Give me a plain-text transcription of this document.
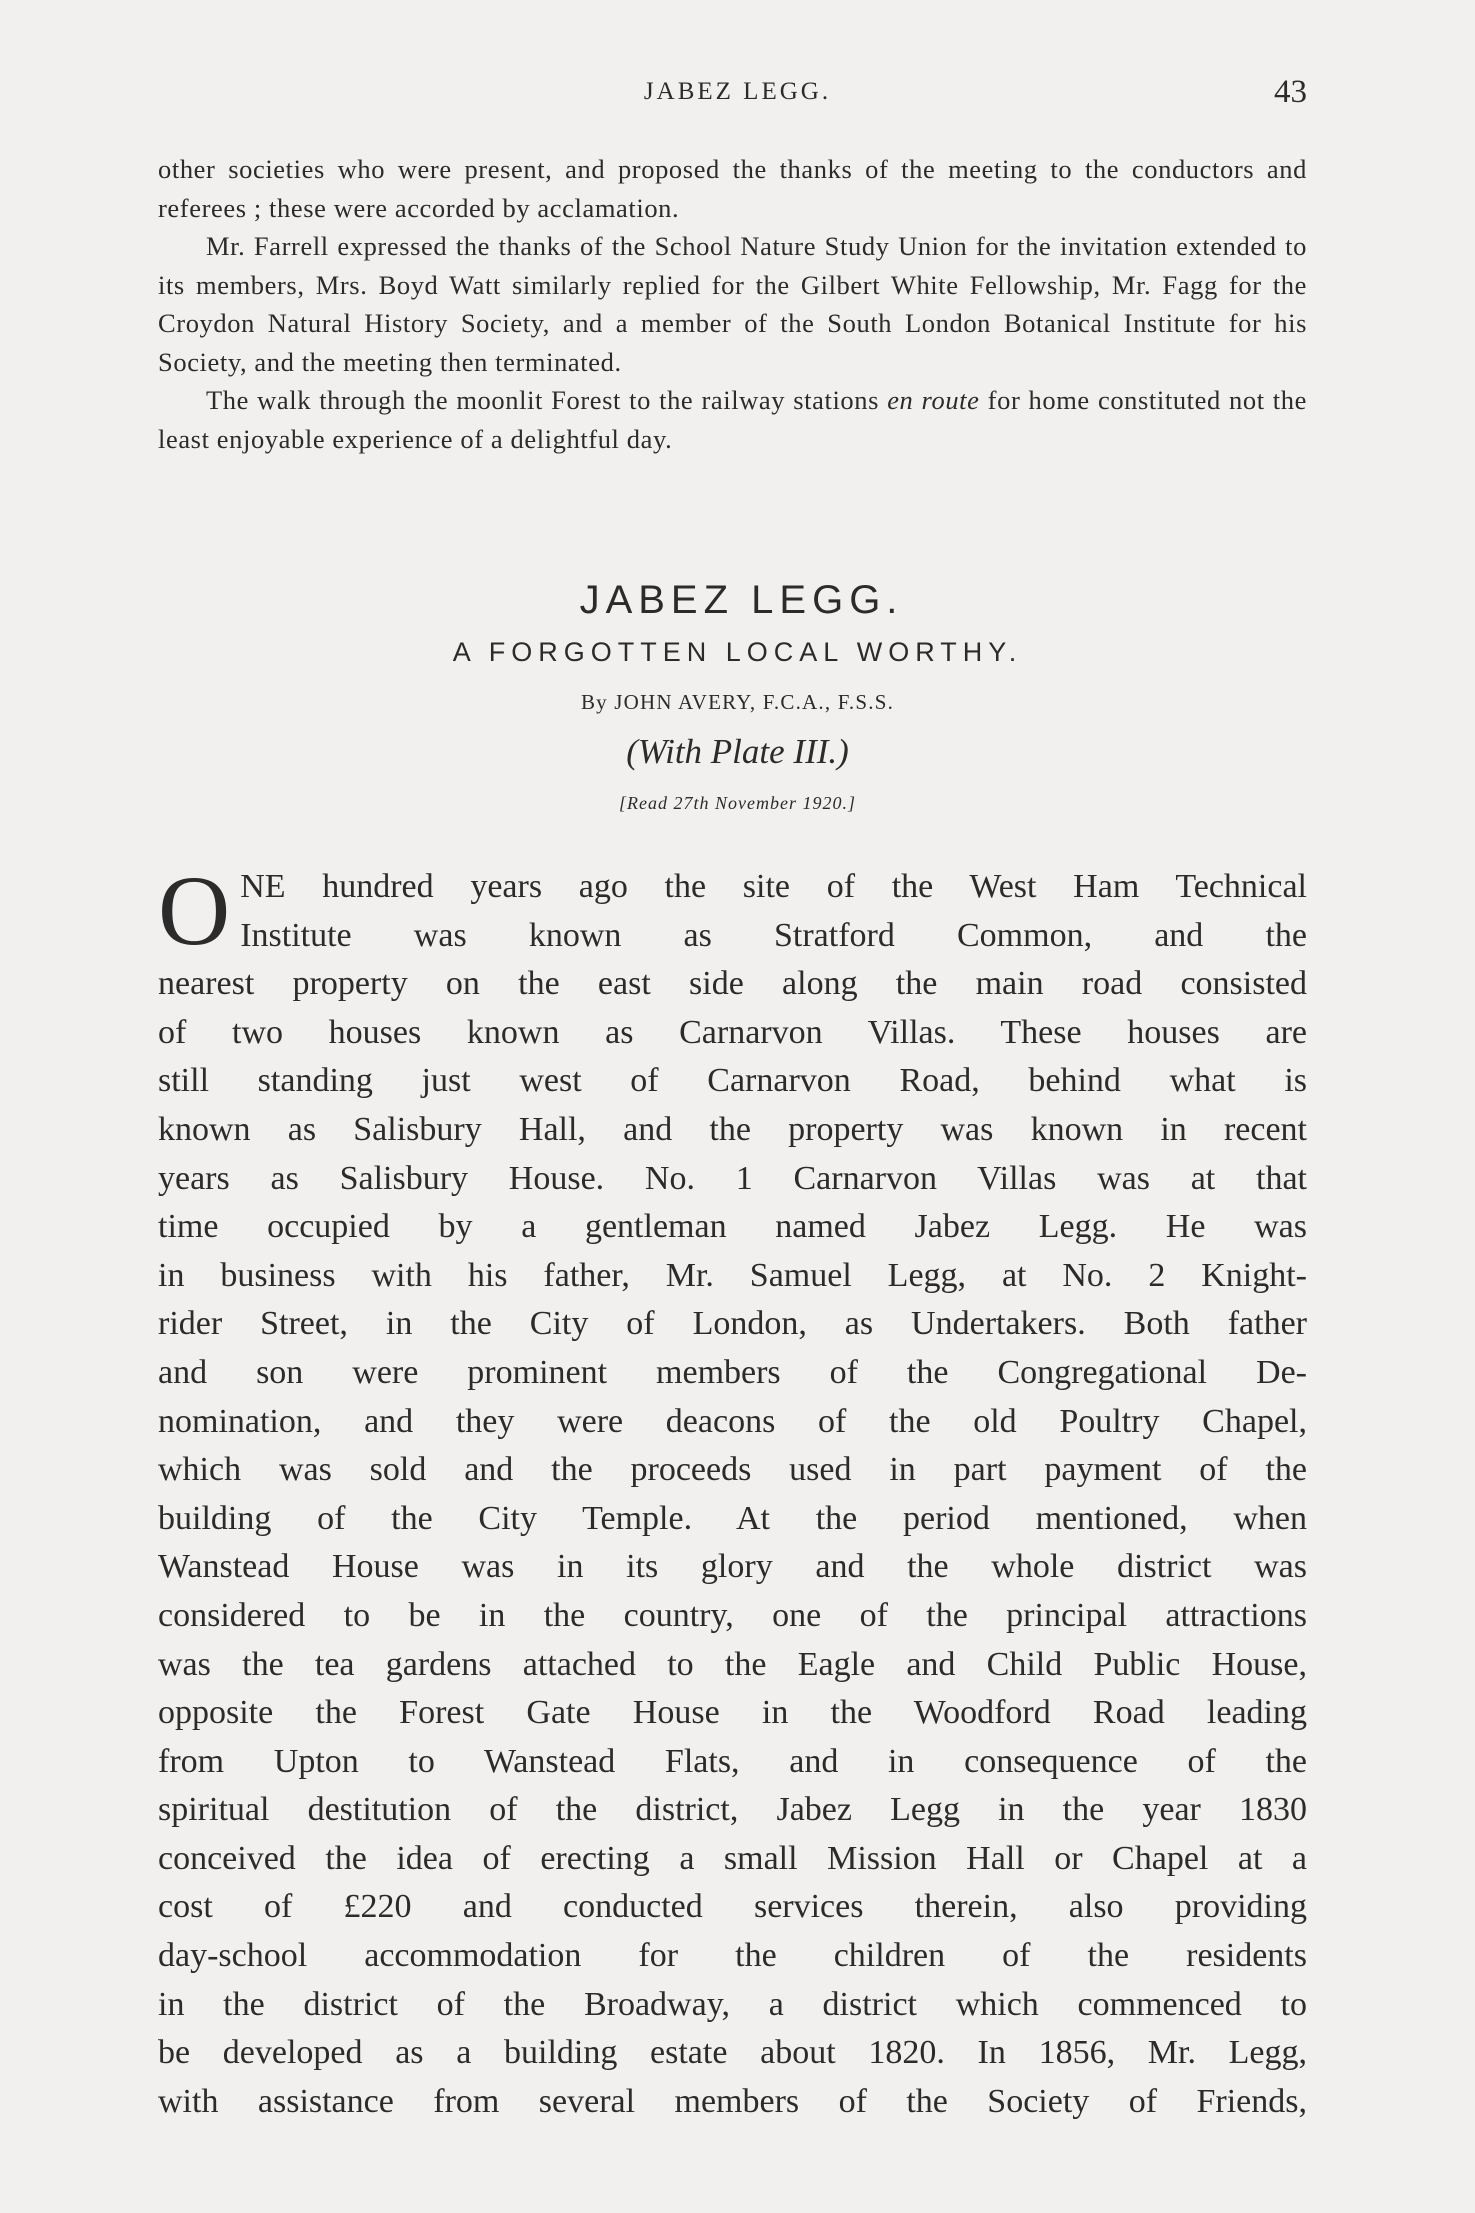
JABEZ LEGG.	43

other societies who were present, and proposed the thanks of the meeting to the conductors and referees ; these were accorded by acclamation.

Mr. Farrell expressed the thanks of the School Nature Study Union for the invitation extended to its members, Mrs. Boyd Watt similarly replied for the Gilbert White Fellowship, Mr. Fagg for the Croydon Natural History Society, and a member of the South London Botanical Institute for his Society, and the meeting then terminated.

The walk through the moonlit Forest to the railway stations en route for home constituted not the least enjoyable experience of a delightful day.

JABEZ LEGG.

A FORGOTTEN LOCAL WORTHY.

By JOHN AVERY, F.C.A., F.S.S.

(With Plate III.)

[Read 27th November 1920.]

O NE hundred years ago the site of the West Ham Technical
Institute was known as Stratford Common, and the
nearest property on the east side along the main road consisted
of two houses known as Carnarvon Villas. These houses are
still standing just west of Carnarvon Road, behind what is
known as Salisbury Hall, and the property was known in recent
years as Salisbury House. No. 1 Carnarvon Villas was at that
time occupied by a gentleman named Jabez Legg. He was
in business with his father, Mr. Samuel Legg, at No. 2 Knight-
rider Street, in the City of London, as Undertakers. Both father
and son were prominent members of the Congregational De-
nomination, and they were deacons of the old Poultry Chapel,
which was sold and the proceeds used in part payment of the
building of the City Temple. At the period mentioned, when
Wanstead House was in its glory and the whole district was
considered to be in the country, one of the principal attractions
was the tea gardens attached to the Eagle and Child Public House,
opposite the Forest Gate House in the Woodford Road leading
from Upton to Wanstead Flats, and in consequence of the
spiritual destitution of the district, Jabez Legg in the year 1830
conceived the idea of erecting a small Mission Hall or Chapel at a
cost of £220 and conducted services therein, also providing
day-school accommodation for the children of the residents
in the district of the Broadway, a district which commenced to
be developed as a building estate about 1820. In 1856, Mr. Legg,
with assistance from several members of the Society of Friends,
